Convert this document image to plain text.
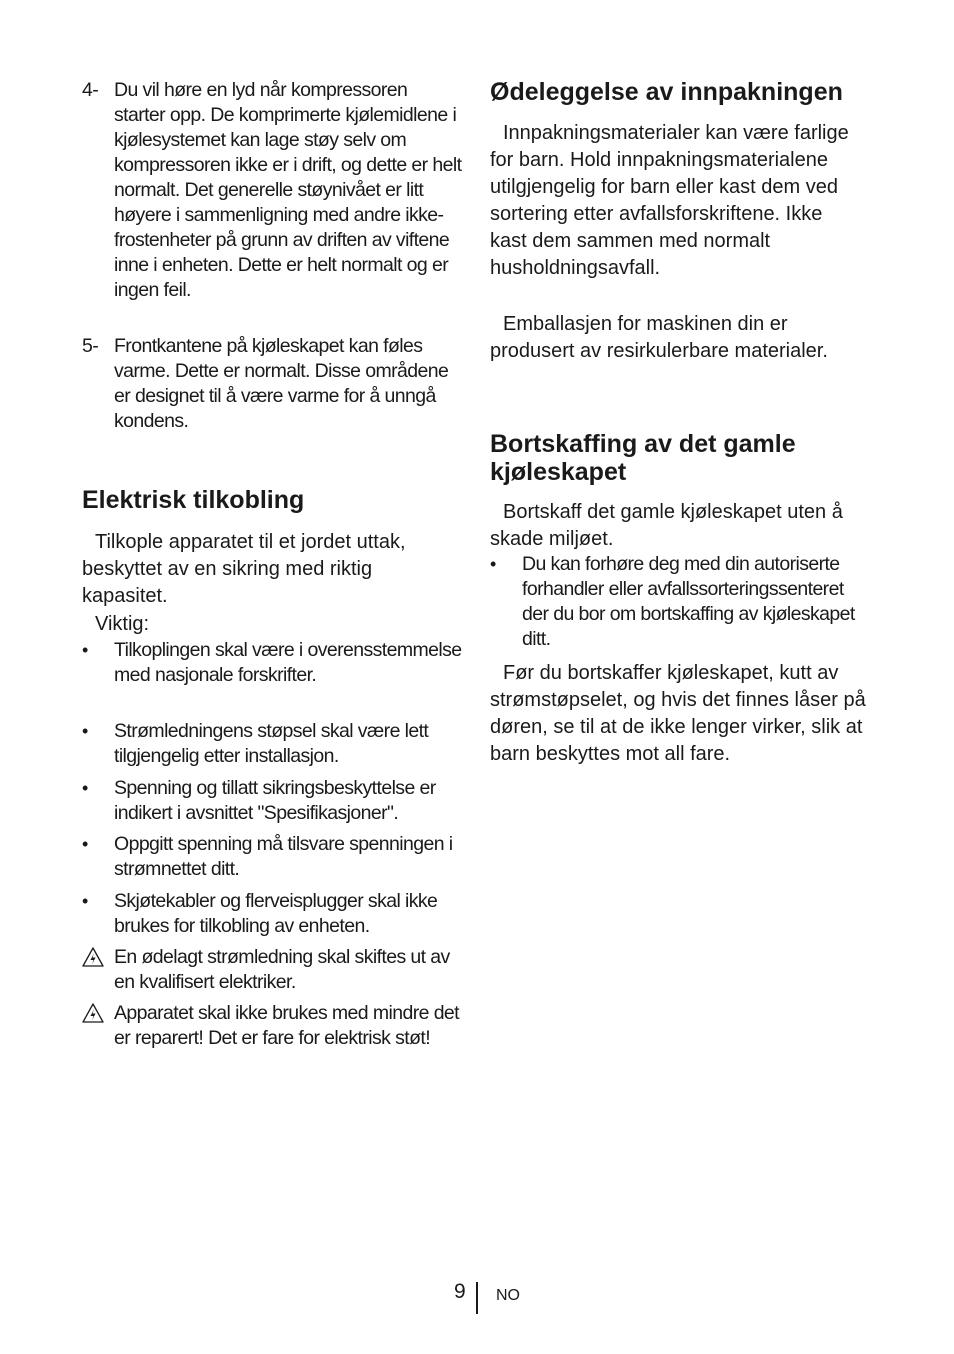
4- Du vil høre en lyd når kompressoren starter opp. De komprimerte kjølemidlene i kjølesystemet kan lage støy selv om kompressoren ikke er i drift, og dette er helt normalt. Det generelle støynivået er litt høyere i sammenligning med andre ikke-frostenheter på grunn av driften av viftene inne i enheten. Dette er helt normalt og er ingen feil.
5- Frontkantene på kjøleskapet kan føles varme. Dette er normalt. Disse områdene er designet til å være varme for å unngå kondens.
Elektrisk tilkobling

Tilkople apparatet til et jordet uttak, beskyttet av en sikring med riktig kapasitet.

Viktig:

•	Tilkoplingen skal være i overensstemmelse med nasjonale forskrifter.
•	Strømledningens støpsel skal være lett tilgjengelig etter installasjon.
•	Spenning og tillatt sikringsbeskyttelse er indikert i avsnittet "Spesifikasjoner".
•	Oppgitt spenning må tilsvare spenningen i strømnettet ditt.
•	Skjøtekabler og flerveisplugger skal ikke brukes for tilkobling av enheten.
En ødelagt strømledning skal skiftes ut av en kvalifisert elektriker.
Apparatet skal ikke brukes med mindre det er reparert! Det er fare for elektrisk støt!
Ødeleggelse av innpakningen

Innpakningsmaterialer kan være farlige for barn. Hold innpakningsmaterialene utilgjengelig for barn eller kast dem ved sortering etter avfallsforskriftene. Ikke kast dem sammen med normalt husholdningsavfall.

Emballasjen for maskinen din er produsert av resirkulerbare materialer.

Bortskaffing av det gamle kjøleskapet

Bortskaff det gamle kjøleskapet uten å skade miljøet.

•	Du kan forhøre deg med din autoriserte forhandler eller avfallssorteringssenteret der du bor om bortskaffing av kjøleskapet ditt.

Før du bortskaffer kjøleskapet, kutt av strømstøpselet, og hvis det finnes låser på døren, se til at de ikke lenger virker, slik at barn beskyttes mot all fare.

9 NO
